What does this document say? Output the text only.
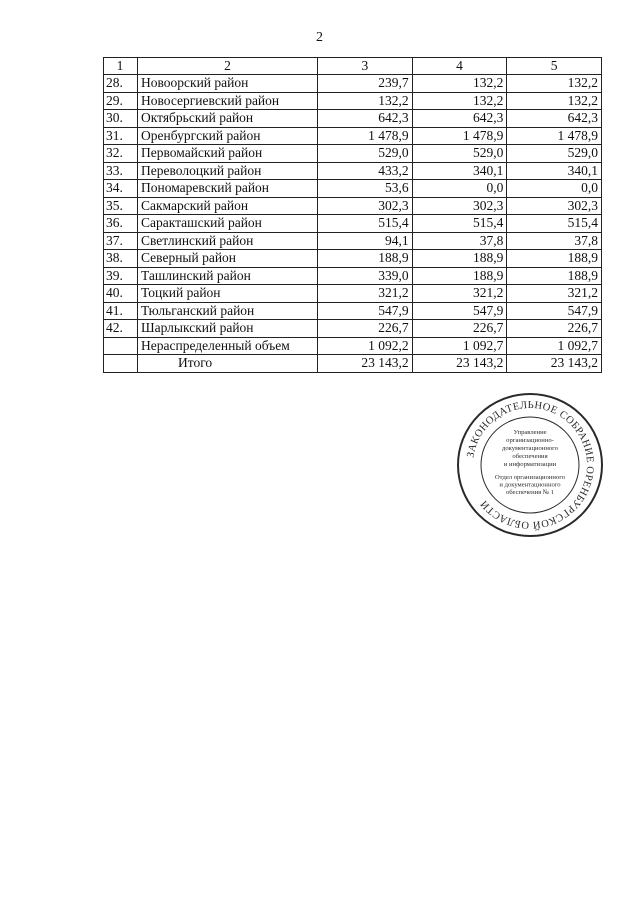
2
1	2	3	4	5
28.	Новоорский район	239,7	132,2	132,2
29.	Новосергиевский район	132,2	132,2	132,2
30.	Октябрьский район	642,3	642,3	642,3
31.	Оренбургский район	1 478,9	1 478,9	1 478,9
32.	Первомайский район	529,0	529,0	529,0
33.	Переволоцкий район	433,2	340,1	340,1
34.	Пономаревский район	53,6	0,0	0,0
35.	Сакмарский район	302,3	302,3	302,3
36.	Саракташский район	515,4	515,4	515,4
37.	Светлинский район	94,1	37,8	37,8
38.	Северный район	188,9	188,9	188,9
39.	Ташлинский район	339,0	188,9	188,9
40.	Тоцкий район	321,2	321,2	321,2
41.	Тюльганский район	547,9	547,9	547,9
42.	Шарлыкский район	226,7	226,7	226,7
	Нераспределенный объем	1 092,2	1 092,7	1 092,7
	Итого	23 143,2	23 143,2	23 143,2
ЗАКОНОДАТЕЛЬНОЕ СОБРАНИЕ ОРЕНБУРГСКОЙ ОБЛАСТИ
Управление
организационно-
документационного
обеспечения
и информатизации
Отдел организационного
и документационного
обеспечения № 1
